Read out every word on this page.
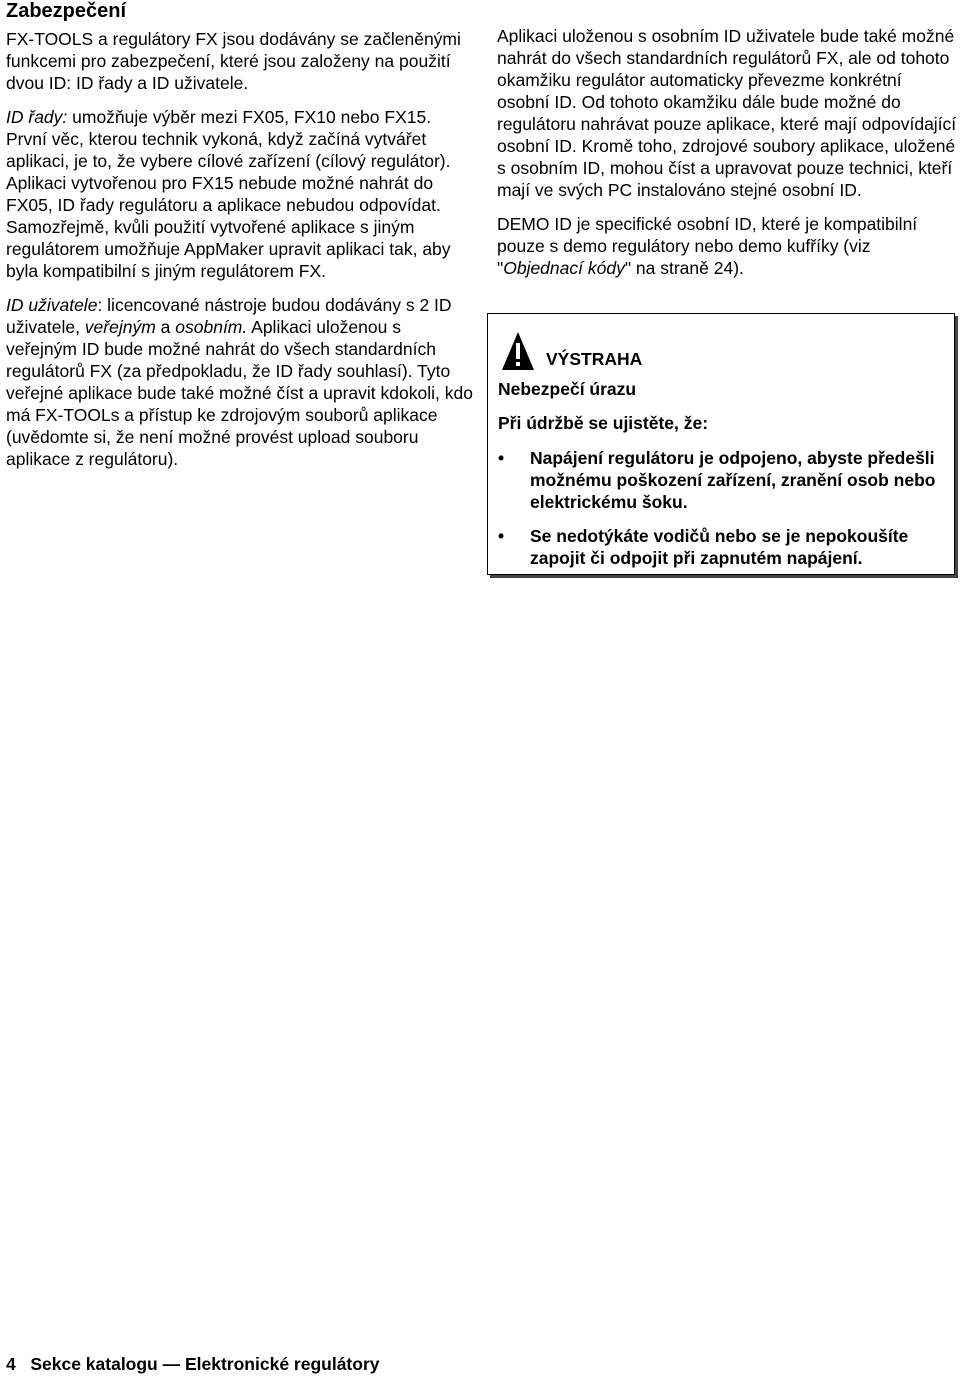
Zabezpečení

FX-TOOLS a regulátory FX jsou dodávány se začleněnými funkcemi pro zabezpečení, které jsou založeny na použití dvou ID: ID řady a ID uživatele.

ID řady: umožňuje výběr mezi FX05, FX10 nebo FX15. První věc, kterou technik vykoná, když začíná vytvářet aplikaci, je to, že vybere cílové zařízení (cílový regulátor). Aplikaci vytvořenou pro FX15 nebude možné nahrát do FX05, ID řady regulátoru a aplikace nebudou odpovídat. Samozřejmě, kvůli použití vytvořené aplikace s jiným regulátorem umožňuje AppMaker upravit aplikaci tak, aby byla kompatibilní s jiným regulátorem FX.

ID uživatele: licencované nástroje budou dodávány s 2 ID uživatele, veřejným a osobním. Aplikaci uloženou s veřejným ID bude možné nahrát do všech standardních regulátorů FX (za předpokladu, že ID řady souhlasí). Tyto veřejné aplikace bude také možné číst a upravit kdokoli, kdo má FX-TOOLs a přístup ke zdrojovým souborů aplikace (uvědomte si, že není možné provést upload souboru aplikace z regulátoru).

Aplikaci uloženou s osobním ID uživatele bude také možné nahrát do všech standardních regulátorů FX, ale od tohoto okamžiku regulátor automaticky převezme konkrétní osobní ID. Od tohoto okamžiku dále bude možné do regulátoru nahrávat pouze aplikace, které mají odpovídající osobní ID. Kromě toho, zdrojové soubory aplikace, uložené s osobním ID, mohou číst a upravovat pouze technici, kteří mají ve svých PC instalováno stejné osobní ID.

DEMO ID je specifické osobní ID, které je kompatibilní pouze s demo regulátory nebo demo kufříky (viz "Objednací kódy" na straně 24).

VÝSTRAHA
Nebezpečí úrazu
Při údržbě se ujistěte, že:
• Napájení regulátoru je odpojeno, abyste předešli možnému poškození zařízení, zranění osob nebo elektrickému šoku.
• Se nedotýkáte vodičů nebo se je nepokoušíte zapojit či odpojit při zapnutém napájení.
4 Sekce katalogu — Elektronické regulátory
